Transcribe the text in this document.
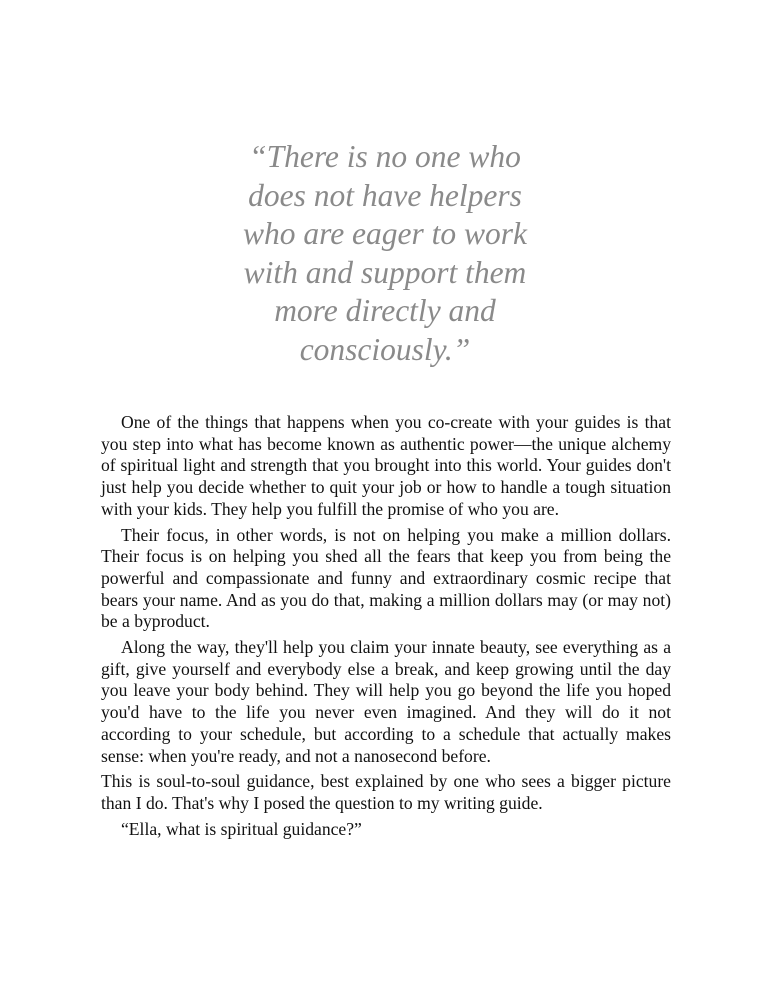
“There is no one who
does not have helpers
who are eager to work
with and support them
more directly and
consciously.”

One of the things that happens when you co-create with your guides is that you step into what has become known as authentic power—the unique alchemy of spiritual light and strength that you brought into this world. Your guides don't just help you decide whether to quit your job or how to handle a tough situation with your kids. They help you fulfill the promise of who you are.

Their focus, in other words, is not on helping you make a million dollars. Their focus is on helping you shed all the fears that keep you from being the powerful and compassionate and funny and extraordinary cosmic recipe that bears your name. And as you do that, making a million dollars may (or may not) be a byproduct.

Along the way, they'll help you claim your innate beauty, see everything as a gift, give yourself and everybody else a break, and keep growing until the day you leave your body behind. They will help you go beyond the life you hoped you'd have to the life you never even imagined. And they will do it not according to your schedule, but according to a schedule that actually makes sense: when you're ready, and not a nanosecond before.

This is soul-to-soul guidance, best explained by one who sees a bigger picture than I do. That's why I posed the question to my writing guide.

“Ella, what is spiritual guidance?”
